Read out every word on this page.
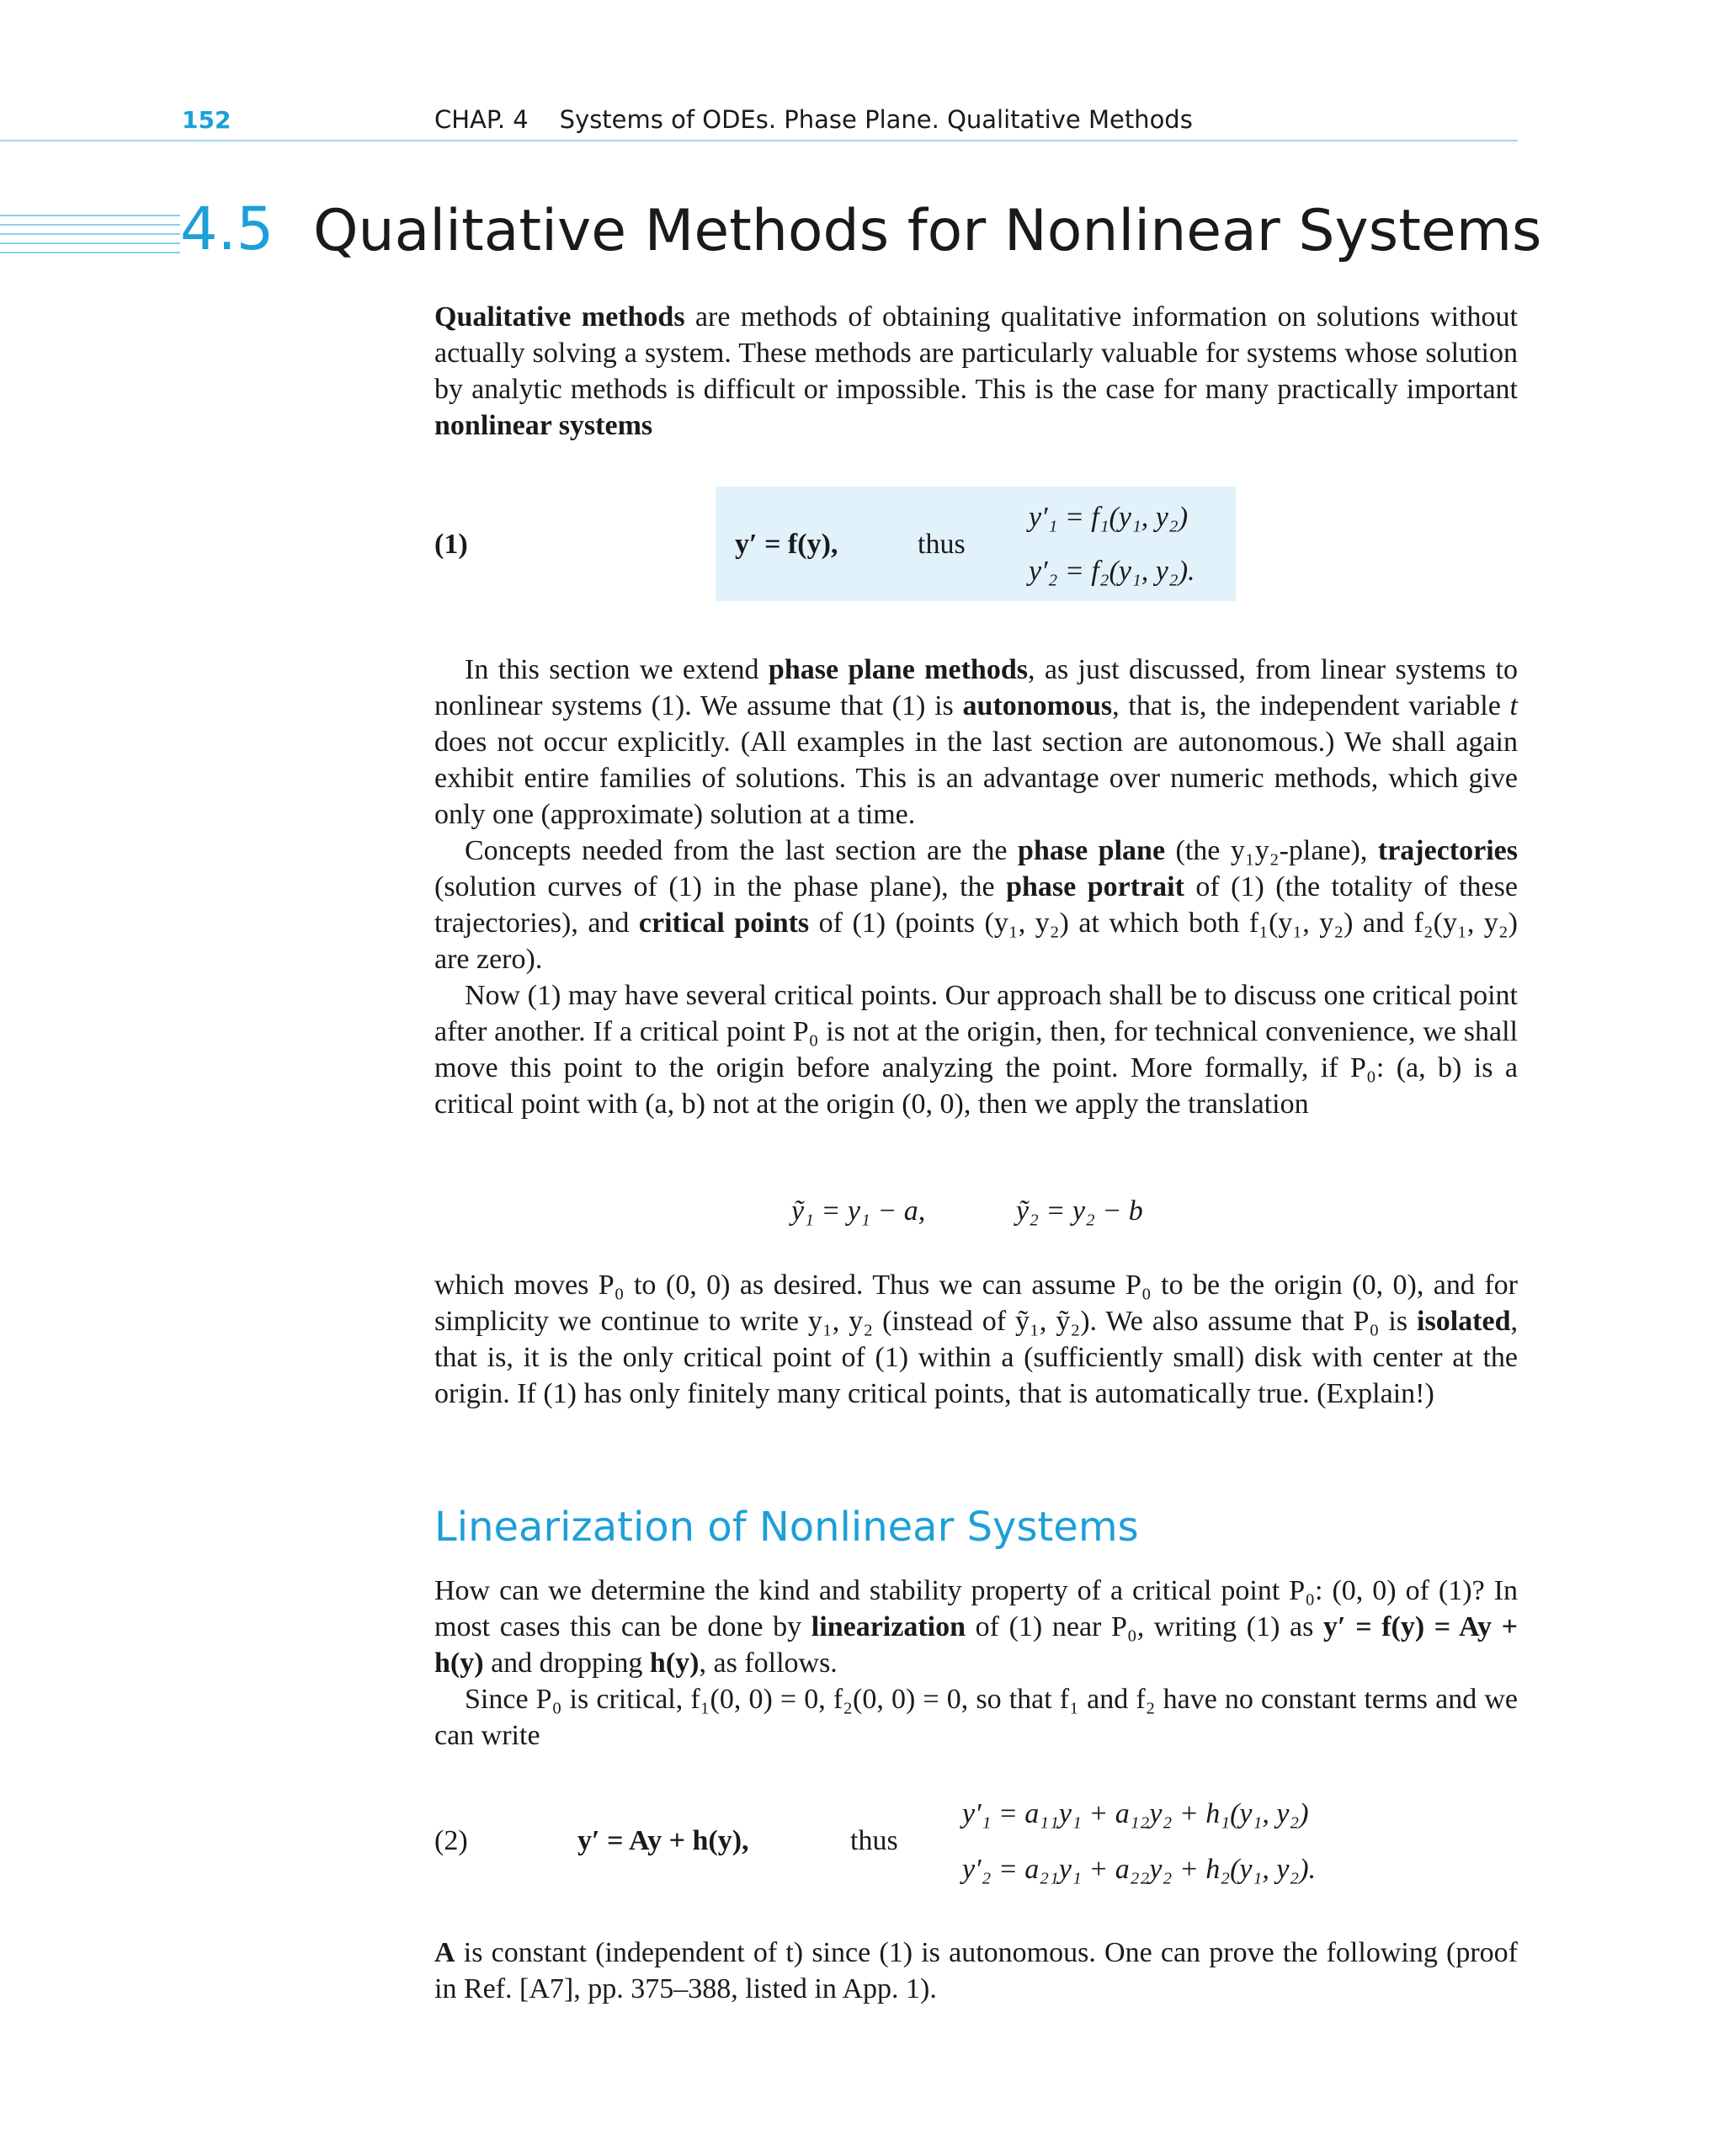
152	CHAP. 4    Systems of ODEs. Phase Plane. Qualitative Methods
4.5 Qualitative Methods for Nonlinear Systems
Qualitative methods are methods of obtaining qualitative information on solutions without actually solving a system. These methods are particularly valuable for systems whose solution by analytic methods is difficult or impossible. This is the case for many practically important nonlinear systems
(1)	y′ = f(y),	thus
y′₁ = f₁(y₁, y₂)
y′₂ = f₂(y₁, y₂).
In this section we extend phase plane methods, as just discussed, from linear systems to nonlinear systems (1). We assume that (1) is autonomous, that is, the independent variable t does not occur explicitly. (All examples in the last section are autonomous.) We shall again exhibit entire families of solutions. This is an advantage over numeric methods, which give only one (approximate) solution at a time.
Concepts needed from the last section are the phase plane (the y₁y₂-plane), trajectories (solution curves of (1) in the phase plane), the phase portrait of (1) (the totality of these trajectories), and critical points of (1) (points (y₁, y₂) at which both f₁(y₁, y₂) and f₂(y₁, y₂) are zero).
Now (1) may have several critical points. Our approach shall be to discuss one critical point after another. If a critical point P₀ is not at the origin, then, for technical convenience, we shall move this point to the origin before analyzing the point. More formally, if P₀: (a, b) is a critical point with (a, b) not at the origin (0, 0), then we apply the translation
ỹ₁ = y₁ − a,	ỹ₂ = y₂ − b
which moves P₀ to (0, 0) as desired. Thus we can assume P₀ to be the origin (0, 0), and for simplicity we continue to write y₁, y₂ (instead of ỹ₁, ỹ₂). We also assume that P₀ is isolated, that is, it is the only critical point of (1) within a (sufficiently small) disk with center at the origin. If (1) has only finitely many critical points, that is automatically true. (Explain!)
Linearization of Nonlinear Systems
How can we determine the kind and stability property of a critical point P₀: (0, 0) of (1)? In most cases this can be done by linearization of (1) near P₀, writing (1) as y′ = f(y) = Ay + h(y) and dropping h(y), as follows.
Since P₀ is critical, f₁(0, 0) = 0, f₂(0, 0) = 0, so that f₁ and f₂ have no constant terms and we can write
(2)	y′ = Ay + h(y),	thus
y′₁ = a₁₁y₁ + a₁₂y₂ + h₁(y₁, y₂)
y′₂ = a₂₁y₁ + a₂₂y₂ + h₂(y₁, y₂).
A is constant (independent of t) since (1) is autonomous. One can prove the following (proof in Ref. [A7], pp. 375–388, listed in App. 1).
